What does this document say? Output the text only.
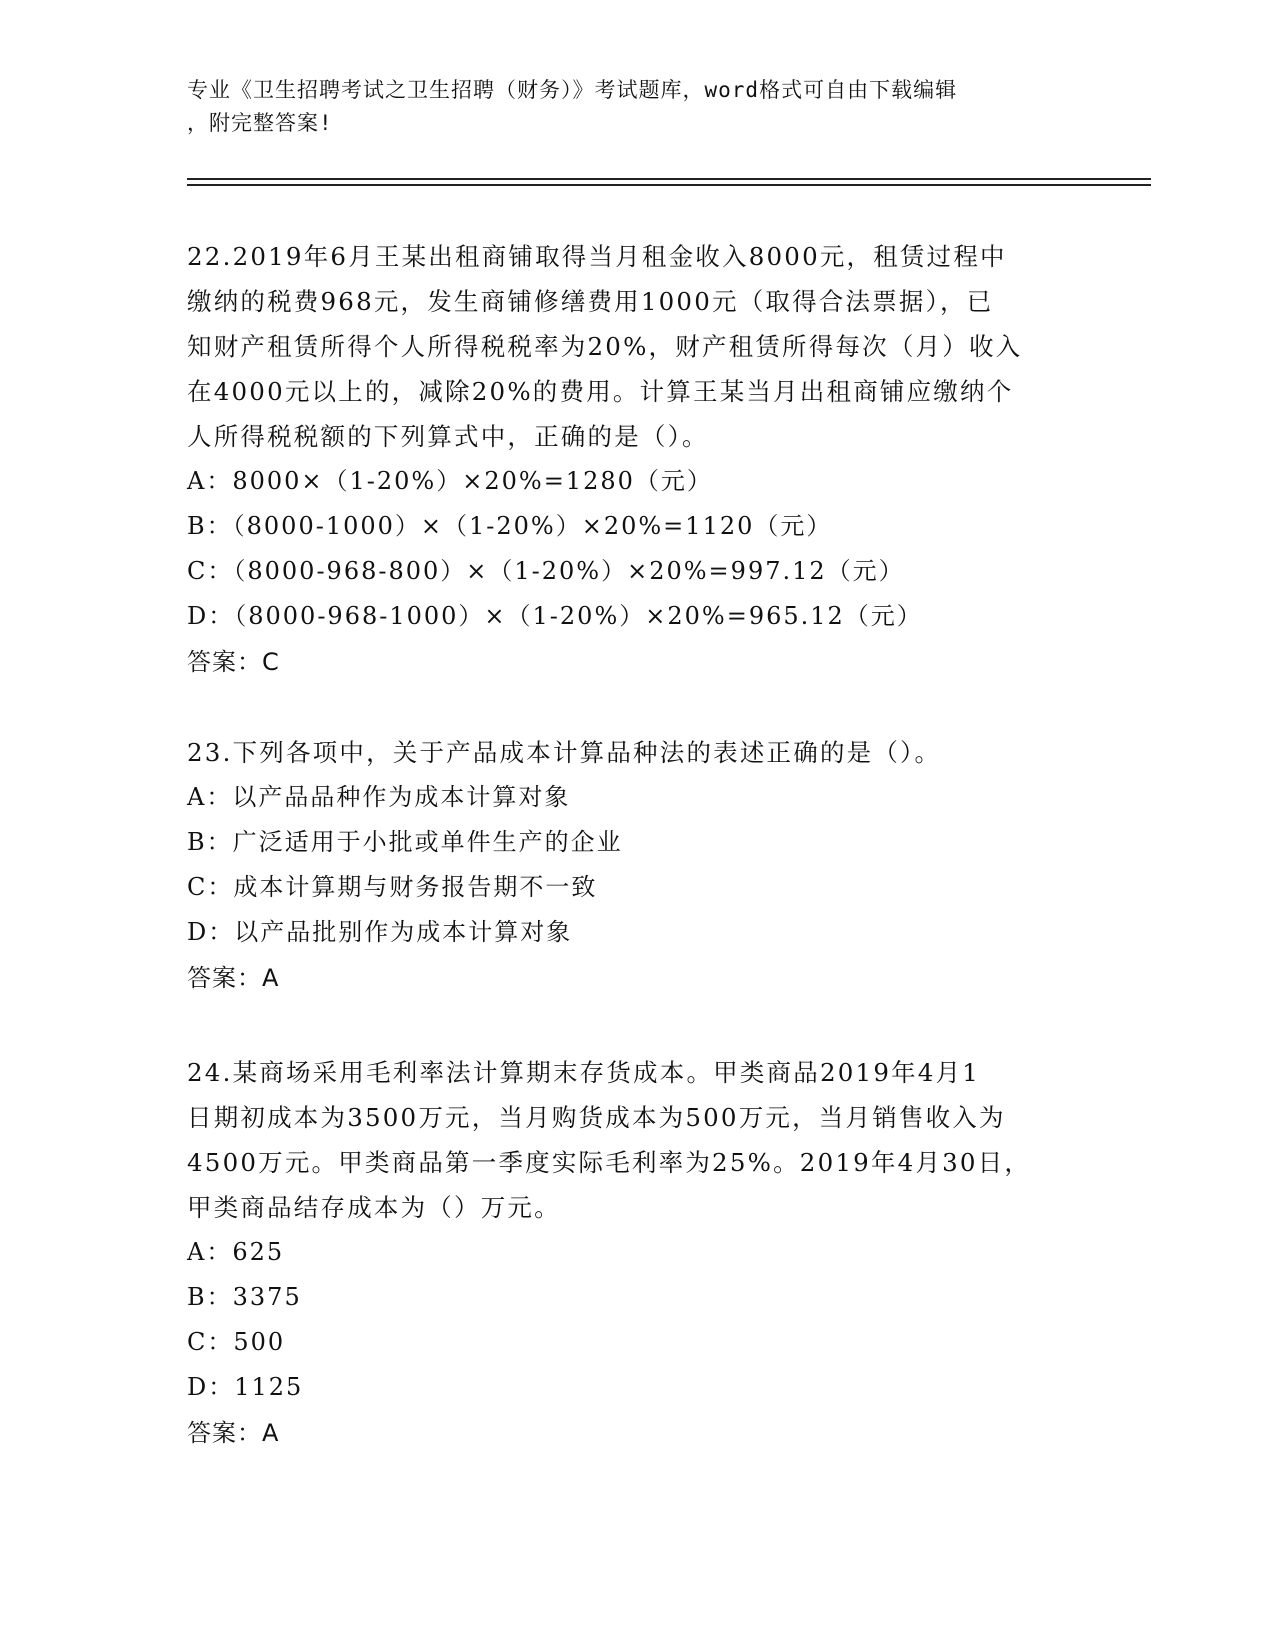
专业《卫生招聘考试之卫生招聘（财务）》考试题库，word格式可自由下载编辑
，附完整答案!
22.2019年6月王某出租商铺取得当月租金收入8000元，租赁过程中
缴纳的税费968元，发生商铺修缮费用1000元（取得合法票据），已
知财产租赁所得个人所得税税率为20%，财产租赁所得每次（月）收入
在4000元以上的，减除20%的费用。计算王某当月出租商铺应缴纳个
人所得税税额的下列算式中，正确的是（）。
A：8000×（1-20%）×20%=1280（元）
B：（8000-1000）×（1-20%）×20%=1120（元）
C：（8000-968-800）×（1-20%）×20%=997.12（元）
D：（8000-968-1000）×（1-20%）×20%=965.12（元）
答案：C
23.下列各项中，关于产品成本计算品种法的表述正确的是（）。
A：以产品品种作为成本计算对象
B：广泛适用于小批或单件生产的企业
C：成本计算期与财务报告期不一致
D：以产品批别作为成本计算对象
答案：A
24.某商场采用毛利率法计算期末存货成本。甲类商品2019年4月1
日期初成本为3500万元，当月购货成本为500万元，当月销售收入为
4500万元。甲类商品第一季度实际毛利率为25%。2019年4月30日，
甲类商品结存成本为（）万元。
A：625
B：3375
C：500
D：1125
答案：A
